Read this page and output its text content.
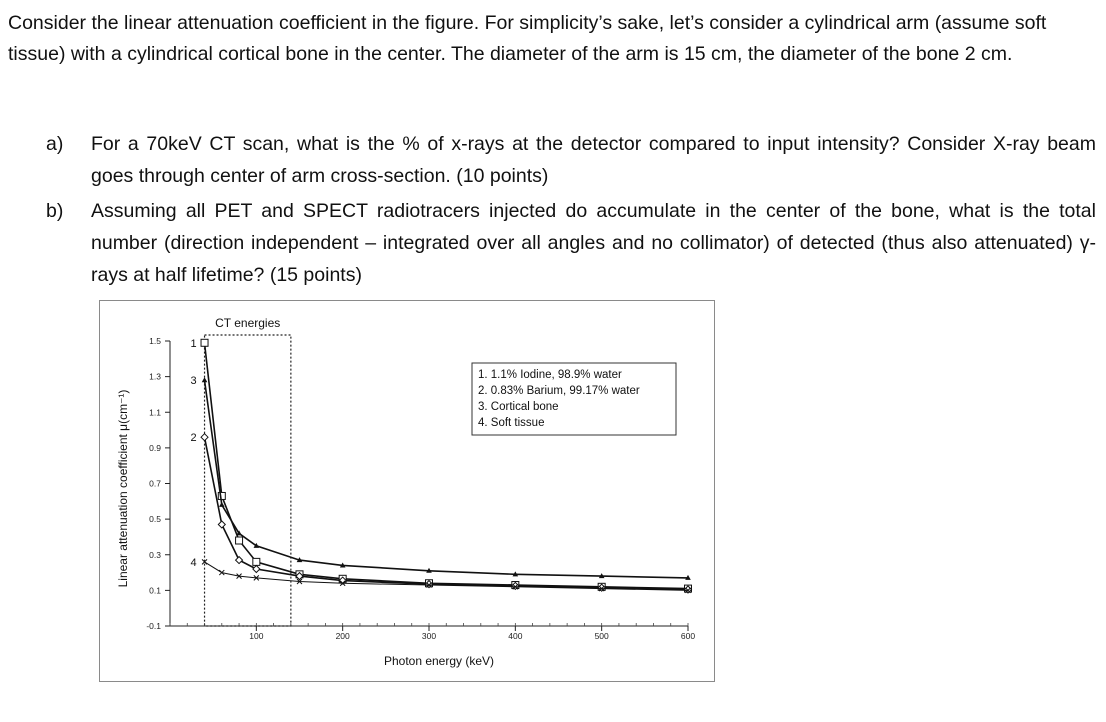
Consider the linear attenuation coefficient in the figure. For simplicity’s sake, let’s consider a cylindrical arm (assume soft tissue) with a cylindrical cortical bone in the center. The diameter of the arm is 15 cm, the diameter of the bone 2 cm.

a) For a 70keV CT scan, what is the % of x-rays at the detector compared to input intensity? Consider X-ray beam goes through center of arm cross-section. (10 points)
b) Assuming all PET and SPECT radiotracers injected do accumulate in the center of the bone, what is the total number (direction independent – integrated over all angles and no collimator) of detected (thus also attenuated) γ-rays at half lifetime? (15 points)
CT energies
-0.1
0.1
0.3
0.5
0.7
0.9
1.1
1.3
1.5
100	200	300	400	500	600
1
2
3
4
1. 1.1% Iodine, 98.9% water
2. 0.83% Barium, 99.17% water
3. Cortical bone
4. Soft tissue
Photon energy (keV)
Linear attenuation coefficient μ(cm⁻¹)
